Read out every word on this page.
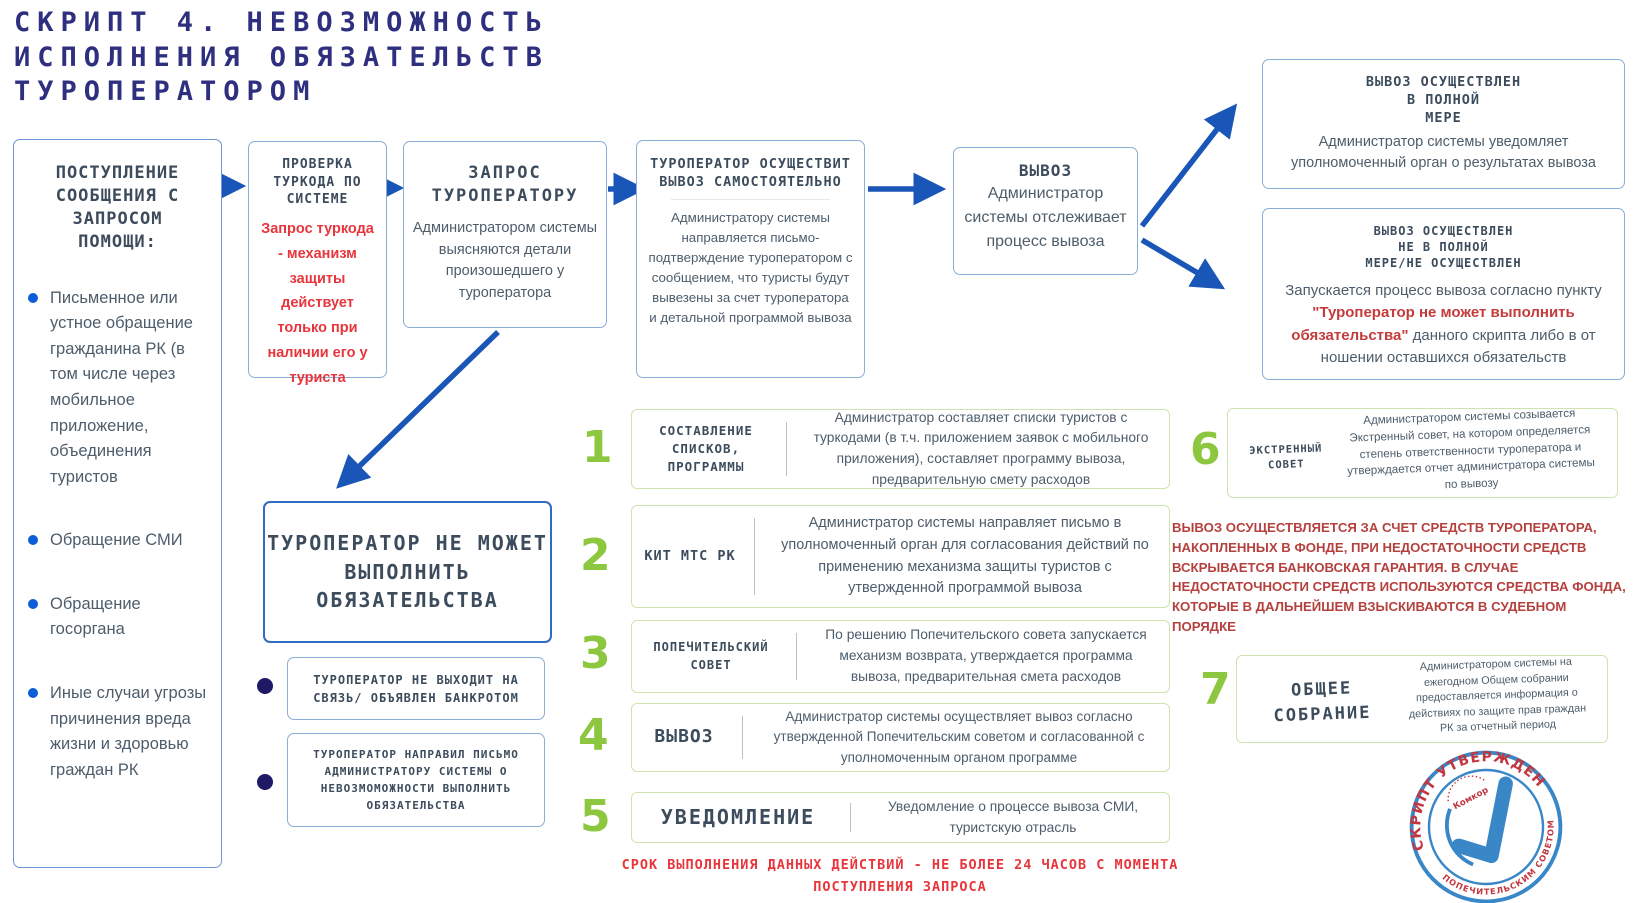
СКРИПТ 4. НЕВОЗМОЖНОСТЬ
ИСПОЛНЕНИЯ ОБЯЗАТЕЛЬСТВ
ТУРОПЕРАТОРОМ
ПОСТУПЛЕНИЕ СООБЩЕНИЯ С ЗАПРОСОМ ПОМОЩИ:
Письменное или устное обращение гражданина РК (в том числе через мобильное приложение, объединения туристов
Обращение СМИ
Обращение госоргана
Иные случаи угрозы причинения вреда жизни и здоровью граждан РК
ПРОВЕРКА ТУРКОДА ПО СИСТЕМЕ
Запрос туркода - механизм защиты действует только при наличии его у туриста
ЗАПРОС ТУРОПЕРАТОРУ
Администратором системы выясняются детали произошедшего у туроператора
ТУРОПЕРАТОР ОСУЩЕСТВИТ ВЫВОЗ САМОСТОЯТЕЛЬНО
Администратору системы направляется письмо-подтверждение туроператором с сообщением, что туристы будут вывезены за счет туроператора и детальной программой вывоза
ВЫВОЗ
Администратор системы отслеживает процесс вывоза
ВЫВОЗ ОСУЩЕСТВЛЕН
В ПОЛНОЙ
МЕРЕ
Администратор системы уведомляет уполномоченный орган о результатах вывоза
ВЫВОЗ ОСУЩЕСТВЛЕН
НЕ В ПОЛНОЙ
МЕРЕ/НЕ ОСУЩЕСТВЛЕН
Запускается процесс вывоза согласно пункту "Туроператор не может выполнить обязательства" данного скрипта либо в от ношении оставшихся обязательств
ТУРОПЕРАТОР НЕ МОЖЕТ ВЫПОЛНИТЬ ОБЯЗАТЕЛЬСТВА
ТУРОПЕРАТОР НЕ ВЫХОДИТ НА СВЯЗЬ/ ОБЪЯВЛЕН БАНКРОТОМ
ТУРОПЕРАТОР НАПРАВИЛ ПИСЬМО АДМИНИСТРАТОРУ СИСТЕМЫ О НЕВОЗМОМОЖНОСТИ ВЫПОЛНИТЬ ОБЯЗАТЕЛЬСТВА
1	СОСТАВЛЕНИЕ СПИСКОВ, ПРОГРАММЫ
Администратор составляет списки туристов с туркодами (в т.ч. приложением заявок с мобильного приложения), составляет программу вывоза, предварительную смету расходов
2	КИТ МТС РК
Администратор системы направляет письмо в уполномоченный орган для согласования действий по применению механизма защиты туристов с утвержденной программой вывоза
3	ПОПЕЧИТЕЛЬСКИЙ СОВЕТ
По решению Попечительского совета запускается механизм возврата, утверждается программа вывоза, предварительная смета расходов
4	ВЫВОЗ
Администратор системы осуществляет вывоз согласно утвержденной Попечительским советом и согласованной с уполномоченным органом программе
5	УВЕДОМЛЕНИЕ	Уведомление о процессе вывоза СМИ, туристскую отрасль
СРОК ВЫПОЛНЕНИЯ ДАННЫХ ДЕЙСТВИЙ - НЕ БОЛЕЕ 24 ЧАСОВ С МОМЕНТА ПОСТУПЛЕНИЯ ЗАПРОСА
6	ЭКСТРЕННЫЙ СОВЕТ
Администратором системы созывается Экстренный совет, на котором определяется степень ответственности туроператора и утверждается отчет администратора системы по вывозу
ВЫВОЗ ОСУЩЕСТВЛЯЕТСЯ ЗА СЧЕТ СРЕДСТВ ТУРОПЕРАТОРА, НАКОПЛЕННЫХ В ФОНДЕ, ПРИ НЕДОСТАТОЧНОСТИ СРЕДСТВ ВСКРЫВАЕТСЯ БАНКОВСКАЯ ГАРАНТИЯ. В СЛУЧАЕ НЕДОСТАТОЧНОСТИ СРЕДСТВ ИСПОЛЬЗУЮТСЯ СРЕДСТВА ФОНДА, КОТОРЫЕ В ДАЛЬНЕЙШЕМ ВЗЫСКИВАЮТСЯ В СУДЕБНОМ ПОРЯДКЕ
7	ОБЩЕЕ СОБРАНИЕ
Администратором системы на ежегодном Общем собрании предоставляется информация о действиях по защите прав граждан РК за отчетный период
СКРИПТ УТВЕРЖДЕН
ПОПЕЧИТЕЛЬСКИМ СОВЕТОМ
Комкор
